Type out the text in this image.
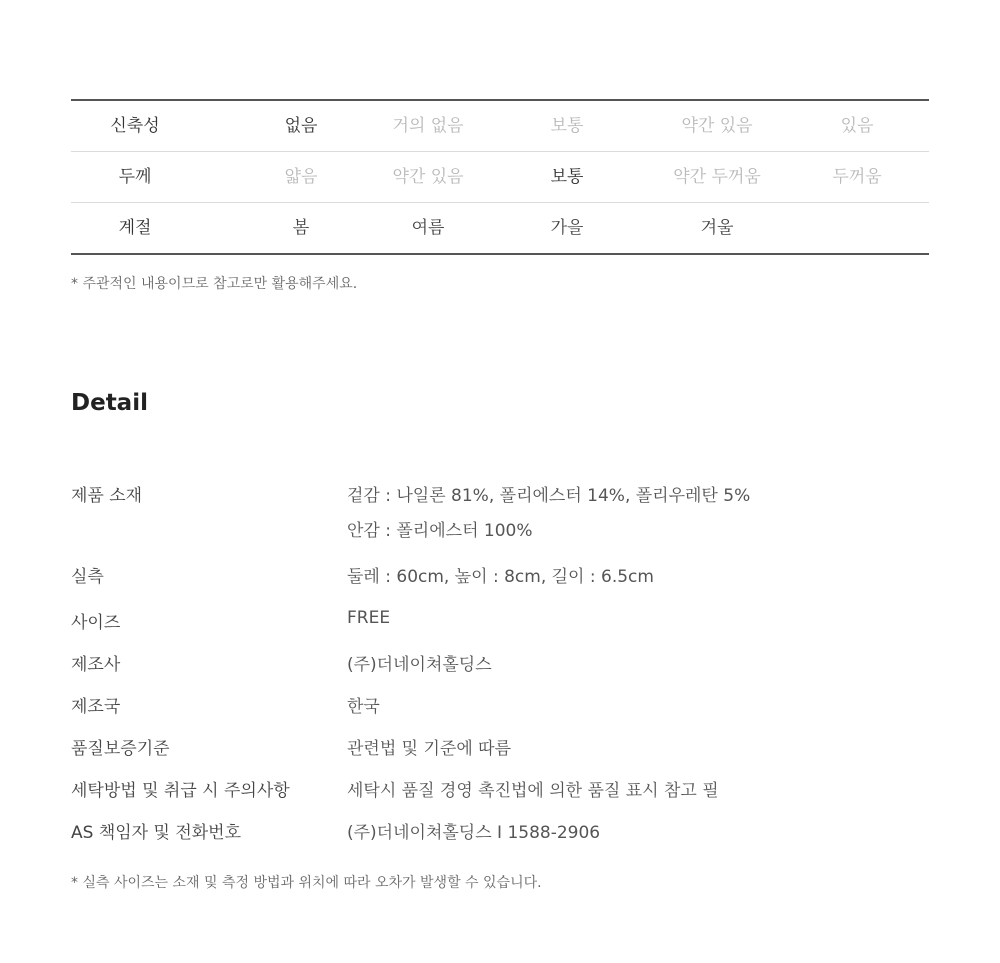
신축성	없음	거의 없음	보통	약간 있음	있음
두께	얇음	약간 있음	보통	약간 두꺼움	두꺼움
계절	봄	여름	가을	겨울
* 주관적인 내용이므로 참고로만 활용해주세요.
Detail
제품 소재	겉감 : 나일론 81%, 폴리에스터 14%, 폴리우레탄 5%
안감 : 폴리에스터 100%
실측	둘레 : 60cm, 높이 : 8cm, 길이 : 6.5cm
사이즈	FREE
제조사	(주)더네이쳐홀딩스
제조국	한국
품질보증기준	관련법 및 기준에 따름
세탁방법 및 취급 시 주의사항	세탁시 품질 경영 촉진법에 의한 품질 표시 참고 필
AS 책임자 및 전화번호	(주)더네이쳐홀딩스 I 1588-2906
* 실측 사이즈는 소재 및 측정 방법과 위치에 따라 오차가 발생할 수 있습니다.
